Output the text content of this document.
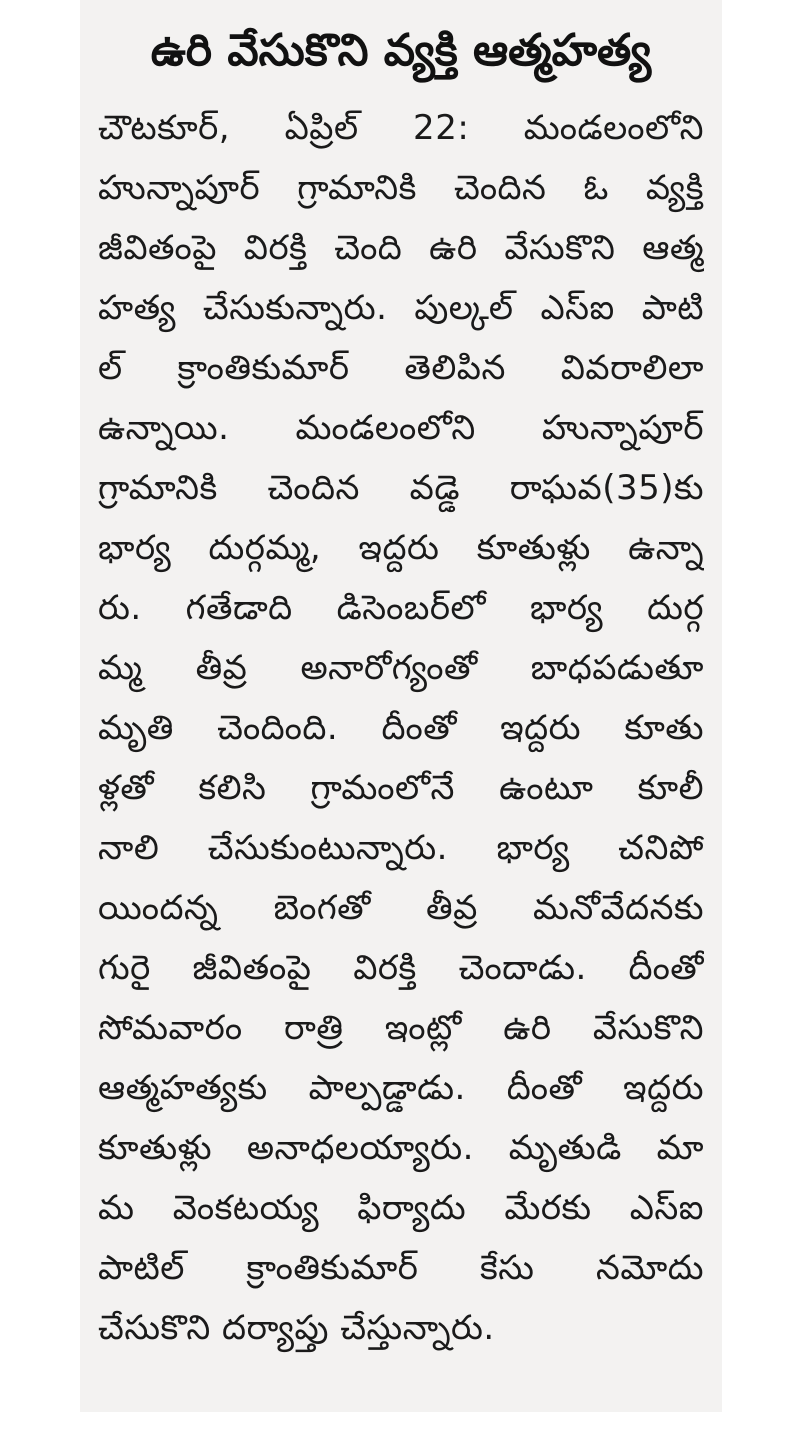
ఉరి వేసుకొని వ్యక్తి ఆత్మహత్య
చౌటకూర్, ఏప్రిల్ 22: మండలంలోని
హున్నాపూర్ గ్రామానికి చెందిన ఓ వ్యక్తి
జీవితంపై విరక్తి చెంది ఉరి వేసుకొని ఆత్మ
హత్య చేసుకున్నారు. పుల్కల్ ఎస్ఐ పాటి
ల్ క్రాంతికుమార్ తెలిపిన వివరాలిలా
ఉన్నాయి. మండలంలోని హున్నాపూర్
గ్రామానికి చెందిన వడ్డె రాఘవ(35)కు
భార్య దుర్గమ్మ, ఇద్దరు కూతుళ్లు ఉన్నా
రు. గతేడాది డిసెంబర్‌లో భార్య దుర్గ
మ్మ తీవ్ర అనారోగ్యంతో బాధపడుతూ
మృతి చెందింది. దీంతో ఇద్దరు కూతు
ళ్లతో కలిసి గ్రామంలోనే ఉంటూ కూలీ
నాలి చేసుకుంటున్నారు. భార్య చనిపో
యిందన్న బెంగతో తీవ్ర మనోవేదనకు
గురై జీవితంపై విరక్తి చెందాడు. దీంతో
సోమవారం రాత్రి ఇంట్లో ఉరి వేసుకొని
ఆత్మహత్యకు పాల్పడ్డాడు. దీంతో ఇద్దరు
కూతుళ్లు అనాధలయ్యారు. మృతుడి మా
మ వెంకటయ్య ఫిర్యాదు మేరకు ఎస్ఐ
పాటిల్ క్రాంతికుమార్ కేసు నమోదు
చేసుకొని దర్యాప్తు చేస్తున్నారు.
